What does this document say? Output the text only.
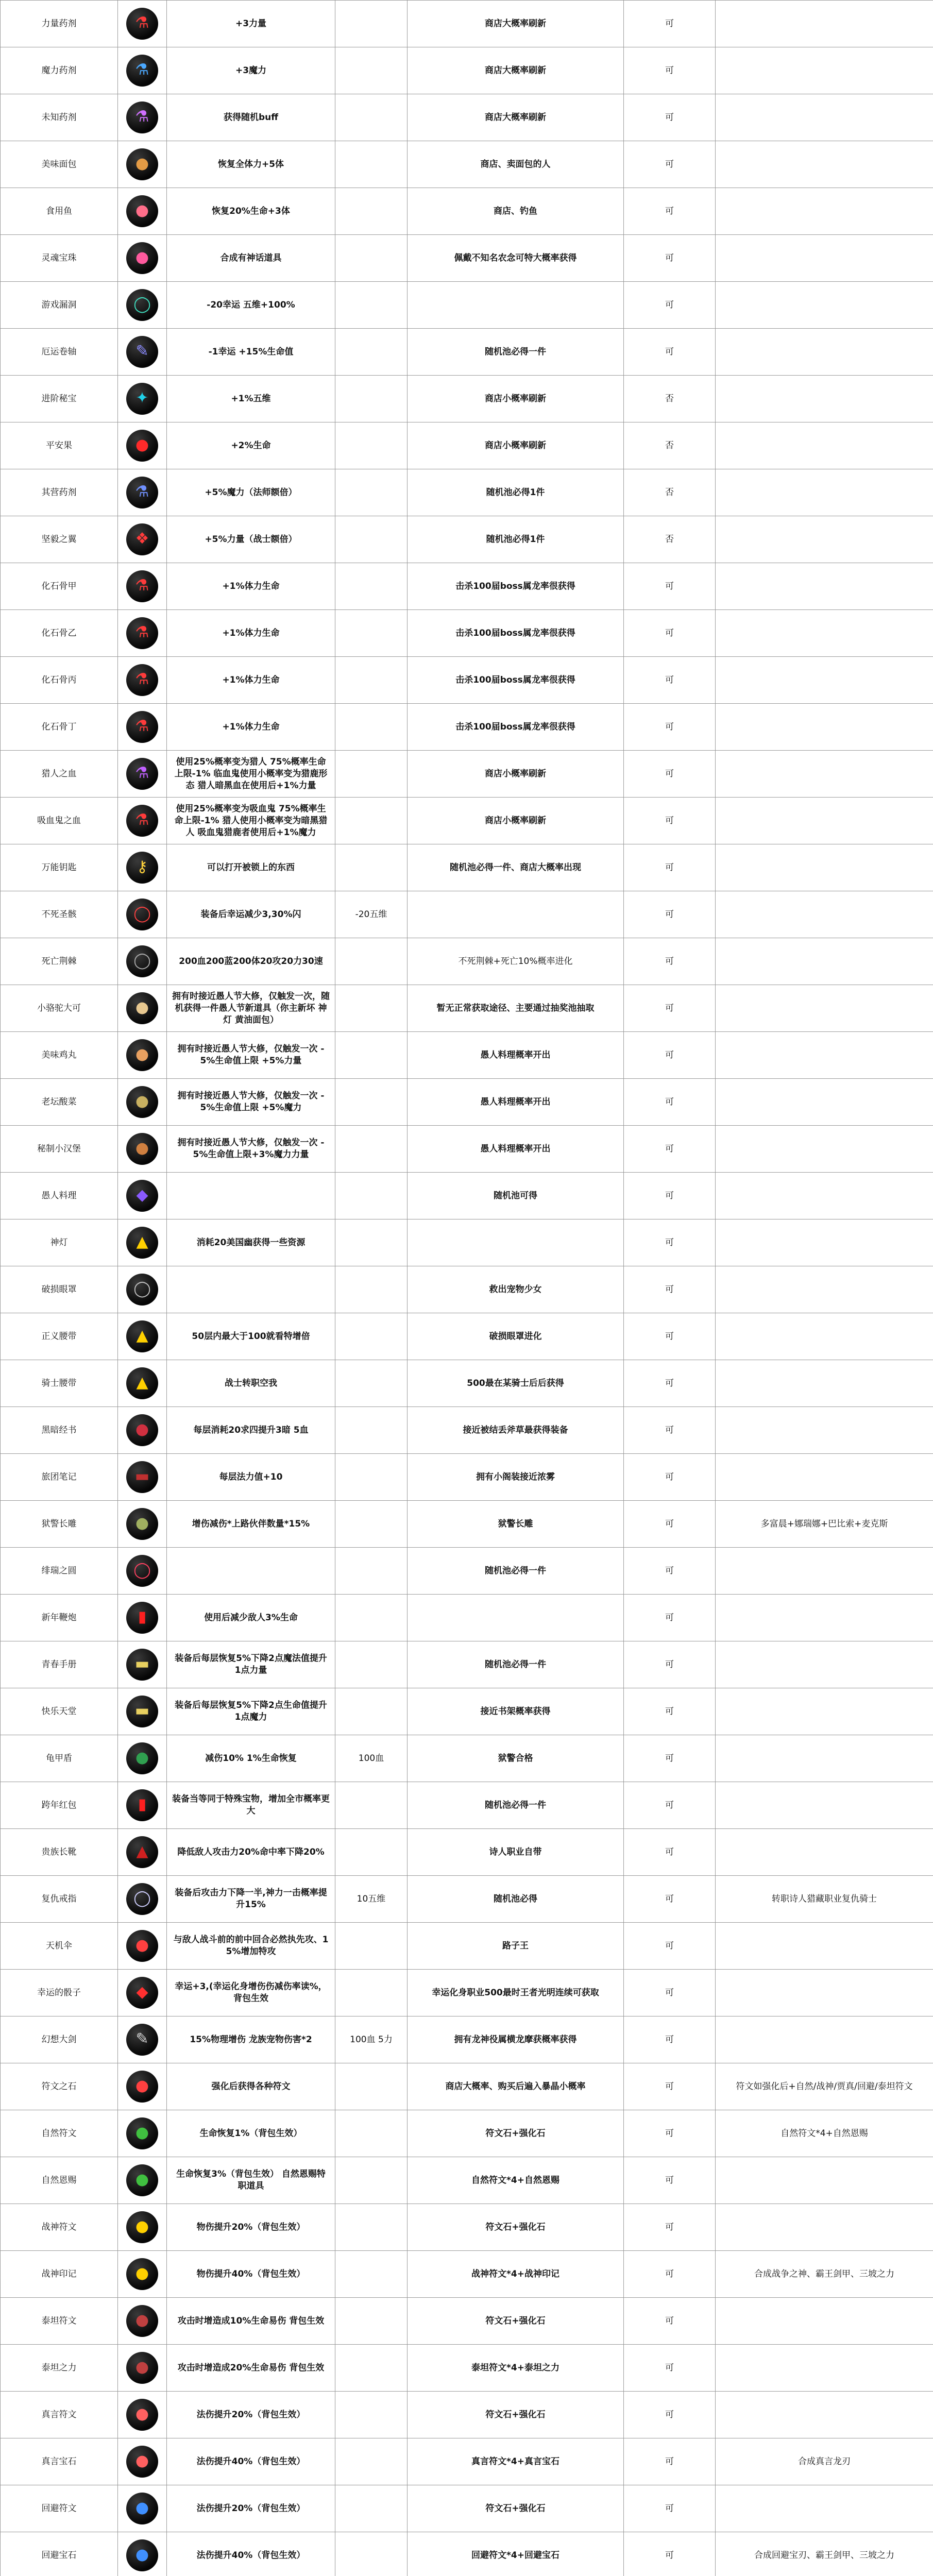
力量药剂	⚗	+3力量		商店大概率刷新	可	
魔力药剂	⚗	+3魔力		商店大概率刷新	可	
未知药剂	⚗	获得随机buff		商店大概率刷新	可	
美味面包	●	恢复全体力+5体		商店、卖面包的人	可	
食用鱼	●	恢复20%生命+3体		商店、钓鱼	可	
灵魂宝珠	●	合成有神话道具		佩戴不知名农念可特大概率获得	可	
游戏漏洞	◯	-20幸运 五维+100%			可	
厄运卷轴	✎	-1幸运 +15%生命值		随机池必得一件	可	
进阶秘宝	✦	+1%五维		商店小概率刷新	否	
平安果	●	+2%生命		商店小概率刷新	否	
其营药剂	⚗	+5%魔力（法师额倍）		随机池必得1件	否	
坚毅之翼	❖	+5%力量（战士额倍）		随机池必得1件	否	
化石骨甲	⚗	+1%体力生命		击杀100届boss属龙率很获得	可	
化石骨乙	⚗	+1%体力生命		击杀100届boss属龙率很获得	可	
化石骨丙	⚗	+1%体力生命		击杀100届boss属龙率很获得	可	
化石骨丁	⚗	+1%体力生命		击杀100届boss属龙率很获得	可	
猎人之血	⚗	使用25%概率变为猎人 75%概率生命上限-1% 临血鬼使用小概率变为猎鹿形态 猎人暗黑血在使用后+1%力量		商店小概率刷新	可	
吸血鬼之血	⚗	使用25%概率变为吸血鬼 75%概率生命上限-1% 猎人使用小概率变为暗黑猎人 吸血鬼猎鹿者使用后+1%魔力		商店小概率刷新	可	
万能钥匙	⚷	可以打开被锁上的东西		随机池必得一件、商店大概率出现	可	
不死圣骸	◯	装备后幸运减少3,30%闪	-20五维		可	
死亡荆棘	◯	200血200蓝200体20攻20力30速		不死荆棘+死亡10%概率进化	可	
小骆驼大可	●	拥有时接近愚人节大修，仅触发一次，随机获得一件愚人节新道具（你主新坏 神灯 黄油面包）		暂无正常获取途径、主要通过抽奖池抽取	可	
美味鸡丸	●	拥有时接近愚人节大修，仅触发一次 -5%生命值上限 +5%力量		愚人料理概率开出	可	
老坛酸菜	●	拥有时接近愚人节大修，仅触发一次 -5%生命值上限 +5%魔力		愚人料理概率开出	可	
秘制小汉堡	●	拥有时接近愚人节大修，仅触发一次 -5%生命值上限+3%魔力力量		愚人料理概率开出	可	
愚人料理	◆			随机池可得	可	
神灯	▲	消耗20美国幽获得一些资源			可	
破损眼罩	◯			救出宠物少女	可	
正义腰带	▲	50层内最大于100就看特增倍		破损眼罩进化	可	
骑士腰带	▲	战士转职空我		500最在某骑士后后获得	可	
黑暗经书	●	每层消耗20求四提升3暗 5血		接近被结丢斧草最获得装备	可	
旅团笔记	▬	每层法力值+10		拥有小阁装接近浓雾	可	
狱警长雕	●	增伤减伤*上路伙伴数量*15%		狱警长雕	可	多富晨+娜瑞娜+巴比索+麦克斯
绯瑞之圆	◯			随机池必得一件	可	
新年鞭炮	▮	使用后减少敌人3%生命			可	
青春手册	▬	装备后每层恢复5%下降2点魔法值提升1点力量		随机池必得一件	可	
快乐天堂	▬	装备后每层恢复5%下降2点生命值提升1点魔力		接近书架概率获得	可	
龟甲盾	●	减伤10% 1%生命恢复	100血	狱警合格	可	
跨年红包	▮	装备当等同于特殊宝物，增加全市概率更大		随机池必得一件	可	
贵族长靴	▲	降低敌人攻击力20%命中率下降20%		诗人职业自带	可	
复仇戒指	◯	装备后攻击力下降一半,神力一击概率提升15%	10五维	随机池必得	可	转职诗人猎藏职业复仇骑士
天机伞	●	与敌人战斗前的前中回合必然执先攻、15%增加特攻		路子王	可	
幸运的骰子	◆	幸运+3,(幸运化身增伤伤减伤率读%，背包生效		幸运化身职业500最时王者光明连续可获取	可	
幻想大剑	✎	15%物理增伤 龙族宠物伤害*2	100血 5力	拥有龙神役属横龙摩获概率获得	可	
符文之石	●	强化后获得各种符文		商店大概率、购买后遍入暴晶小概率	可	符文如强化后+自然/战神/贾真/回避/泰坦符文
自然符文	●	生命恢复1%（背包生效）		符文石+强化石	可	自然符文*4+自然恩赐
自然恩赐	●	生命恢复3%（背包生效） 自然恩赐特职道具		自然符文*4+自然恩赐	可	
战神符文	●	物伤提升20%（背包生效）		符文石+强化石	可	
战神印记	●	物伤提升40%（背包生效）		战神符文*4+战神印记	可	合成战争之神、霸王剑甲、三坡之力
泰坦符文	●	攻击时增造成10%生命易伤 背包生效		符文石+强化石	可	
泰坦之力	●	攻击时增造成20%生命易伤 背包生效		泰坦符文*4+泰坦之力	可	
真言符文	●	法伤提升20%（背包生效）		符文石+强化石	可	
真言宝石	●	法伤提升40%（背包生效）		真言符文*4+真言宝石	可	合成真言龙刃
回避符文	●	法伤提升20%（背包生效）		符文石+强化石	可	
回避宝石	●	法伤提升40%（背包生效）		回避符文*4+回避宝石	可	合成回避宝刃、霸王剑甲、三坡之力
